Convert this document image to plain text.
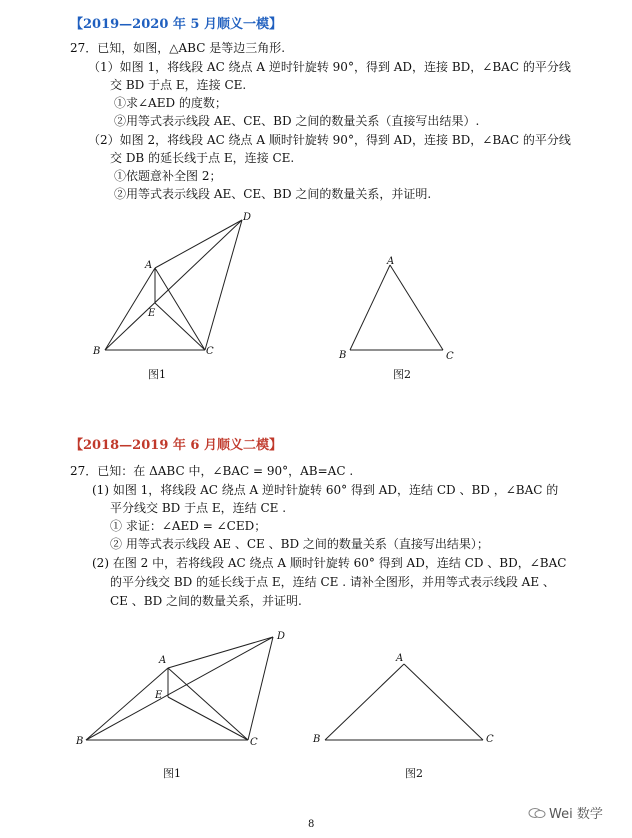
【2019—2020 年 5 月顺义一模】
27．已知，如图，△ABC 是等边三角形.
（1）如图 1，将线段 AC 绕点 A 逆时针旋转 90°，得到 AD，连接 BD，∠BAC 的平分线
交 BD 于点 E，连接 CE.
①求∠AED 的度数；
②用等式表示线段 AE、CE、BD 之间的数量关系（直接写出结果）.
（2）如图 2，将线段 AC 绕点 A 顺时针旋转 90°，得到 AD，连接 BD，∠BAC 的平分线
交 DB 的延长线于点 E，连接 CE.
①依题意补全图 2；
②用等式表示线段 AE、CE、BD 之间的数量关系，并证明.
A
D
E
B	C
图1
A
B	C
图2
【2018—2019 年 6 月顺义二模】
27．已知：在 ΔABC 中，∠BAC = 90°，AB=AC .
(1) 如图 1，将线段 AC 绕点 A 逆时针旋转 60° 得到 AD，连结 CD 、BD ，∠BAC 的
平分线交 BD 于点 E，连结 CE .
① 求证：∠AED = ∠CED；
② 用等式表示线段 AE 、CE 、BD 之间的数量关系（直接写出结果）；
(2) 在图 2 中，若将线段 AC 绕点 A 顺时针旋转 60° 得到 AD，连结 CD 、BD，∠BAC
的平分线交 BD 的延长线于点 E，连结 CE . 请补全图形，并用等式表示线段 AE 、
CE 、BD 之间的数量关系，并证明.
A
D
E
B	C
图1
A
B	C
图2
8
Wei 数学
